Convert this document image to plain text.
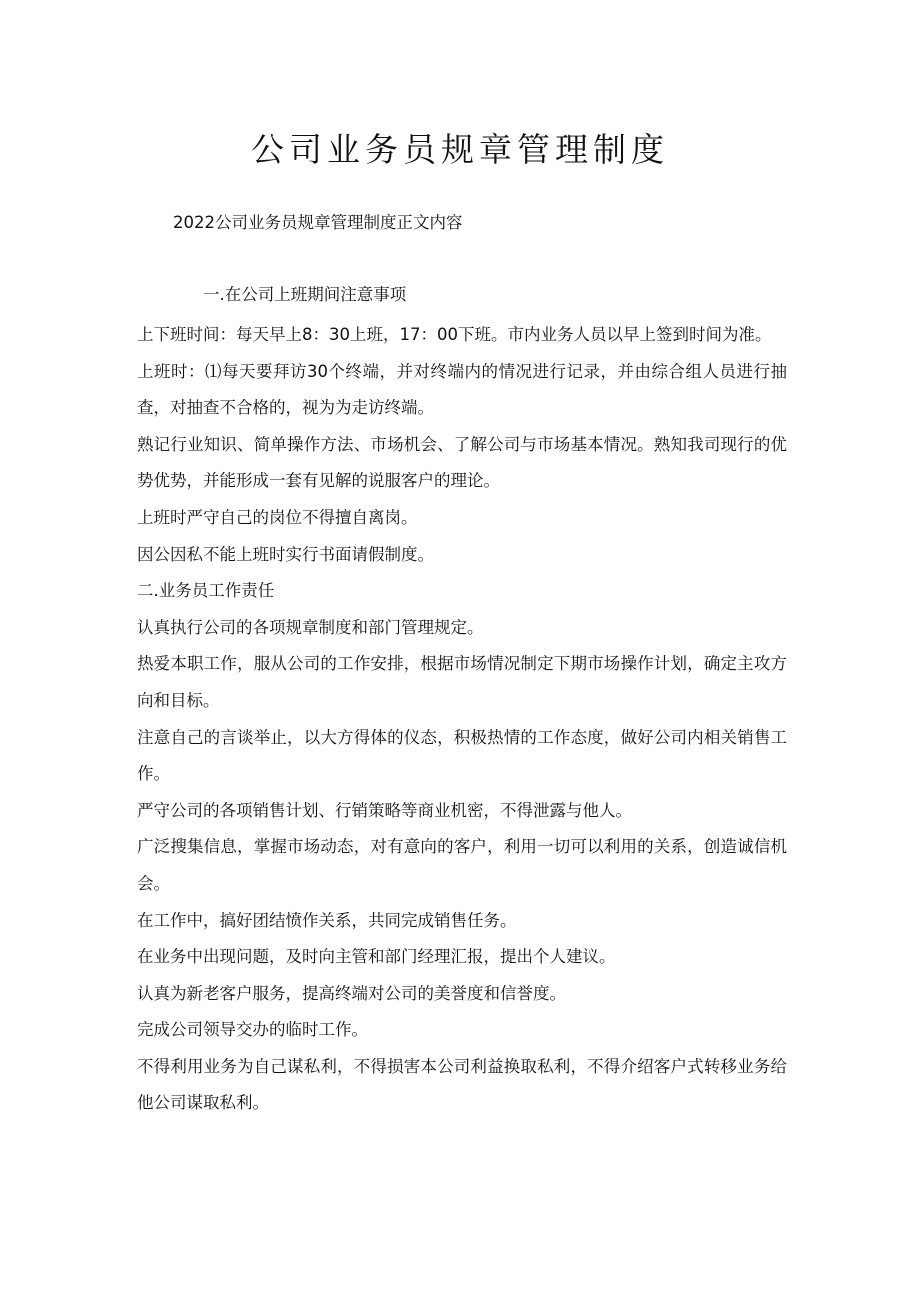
公司业务员规章管理制度

2022公司业务员规章管理制度正文内容

一.在公司上班期间注意事项

上下班时间：每天早上8：30上班，17：00下班。市内业务人员以早上签到时间为准。

上班时：⑴每天要拜访30个终端，并对终端内的情况进行记录，并由综合组人员进行抽查，对抽查不合格的，视为为走访终端。

熟记行业知识、简单操作方法、市场机会、了解公司与市场基本情况。熟知我司现行的优势优势，并能形成一套有见解的说服客户的理论。

上班时严守自己的岗位不得擅自离岗。

因公因私不能上班时实行书面请假制度。

二.业务员工作责任

认真执行公司的各项规章制度和部门管理规定。

热爱本职工作，服从公司的工作安排，根据市场情况制定下期市场操作计划，确定主攻方向和目标。

注意自己的言谈举止，以大方得体的仪态，积极热情的工作态度，做好公司内相关销售工作。

严守公司的各项销售计划、行销策略等商业机密，不得泄露与他人。

广泛搜集信息，掌握市场动态，对有意向的客户，利用一切可以利用的关系，创造诚信机会。

在工作中，搞好团结愤作关系，共同完成销售任务。

在业务中出现问题，及时向主管和部门经理汇报，提出个人建议。

认真为新老客户服务，提高终端对公司的美誉度和信誉度。

完成公司领导交办的临时工作。

不得利用业务为自己谋私利，不得损害本公司利益换取私利，不得介绍客户式转移业务给他公司谋取私利。
